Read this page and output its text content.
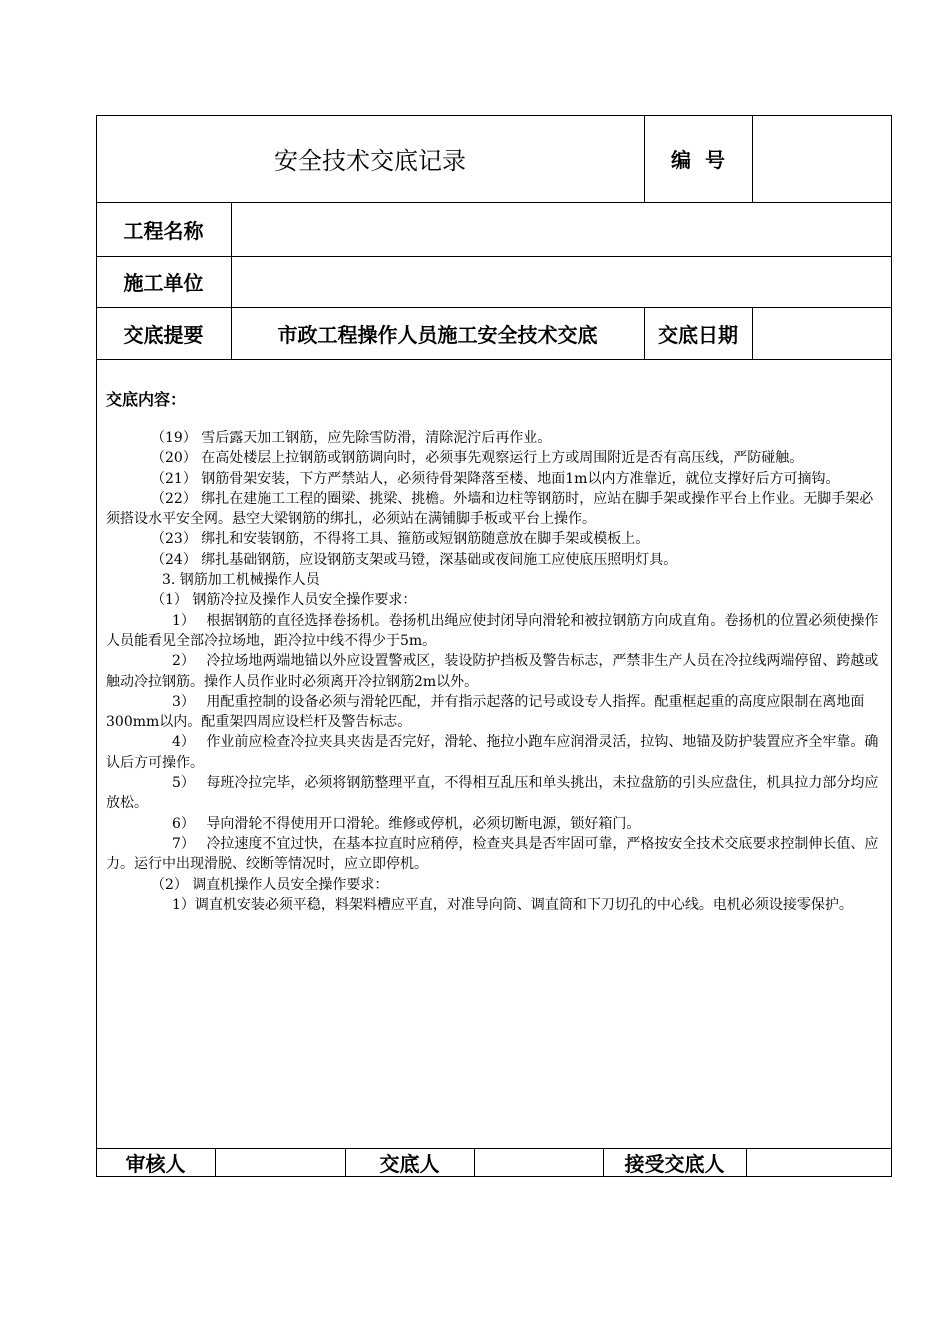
安全技术交底记录	编  号
工程名称
施工单位
交底提要	市政工程操作人员施工安全技术交底	交底日期
交底内容：

（19） 雪后露天加工钢筋，应先除雪防滑，清除泥泞后再作业。

（20） 在高处楼层上拉钢筋或钢筋调向时，必须事先观察运行上方或周围附近是否有高压线，严防碰触。

（21） 钢筋骨架安装，下方严禁站人，必须待骨架降落至楼、地面1m以内方准靠近，就位支撑好后方可摘钩。

（22） 绑扎在建施工工程的圈梁、挑梁、挑檐。外墙和边柱等钢筋时，应站在脚手架或操作平台上作业。无脚手架必须搭设水平安全网。悬空大梁钢筋的绑扎，必须站在满铺脚手板或平台上操作。

（23） 绑扎和安装钢筋，不得将工具、箍筋或短钢筋随意放在脚手架或模板上。

（24） 绑扎基础钢筋，应设钢筋支架或马镫，深基础或夜间施工应使底压照明灯具。

3. 钢筋加工机械操作人员

（1） 钢筋冷拉及操作人员安全操作要求：

1）　 根据钢筋的直径选择卷扬机。卷扬机出绳应使封闭导向滑轮和被拉钢筋方向成直角。卷扬机的位置必须使操作人员能看见全部冷拉场地，距冷拉中线不得少于5m。

2）　 冷拉场地两端地锚以外应设置警戒区，装设防护挡板及警告标志，严禁非生产人员在冷拉线两端停留、跨越或触动冷拉钢筋。操作人员作业时必须离开冷拉钢筋2m以外。

3）　 用配重控制的设备必须与滑轮匹配，并有指示起落的记号或设专人指挥。配重框起重的高度应限制在离地面300mm以内。配重架四周应设栏杆及警告标志。

4）　 作业前应检查冷拉夹具夹齿是否完好，滑轮、拖拉小跑车应润滑灵活，拉钩、地锚及防护装置应齐全牢靠。确认后方可操作。

5）　 每班冷拉完毕，必须将钢筋整理平直，不得相互乱压和单头挑出，未拉盘筋的引头应盘住，机具拉力部分均应放松。

6）　 导向滑轮不得使用开口滑轮。维修或停机，必须切断电源，锁好箱门。

7）　 冷拉速度不宜过快，在基本拉直时应稍停，检查夹具是否牢固可靠，严格按安全技术交底要求控制伸长值、应力。运行中出现滑脱、绞断等情况时，应立即停机。

（2） 调直机操作人员安全操作要求：

1）调直机安装必须平稳，料架料槽应平直，对准导向筒、调直筒和下刀切孔的中心线。电机必须设接零保护。

审核人	交底人	接受交底人
